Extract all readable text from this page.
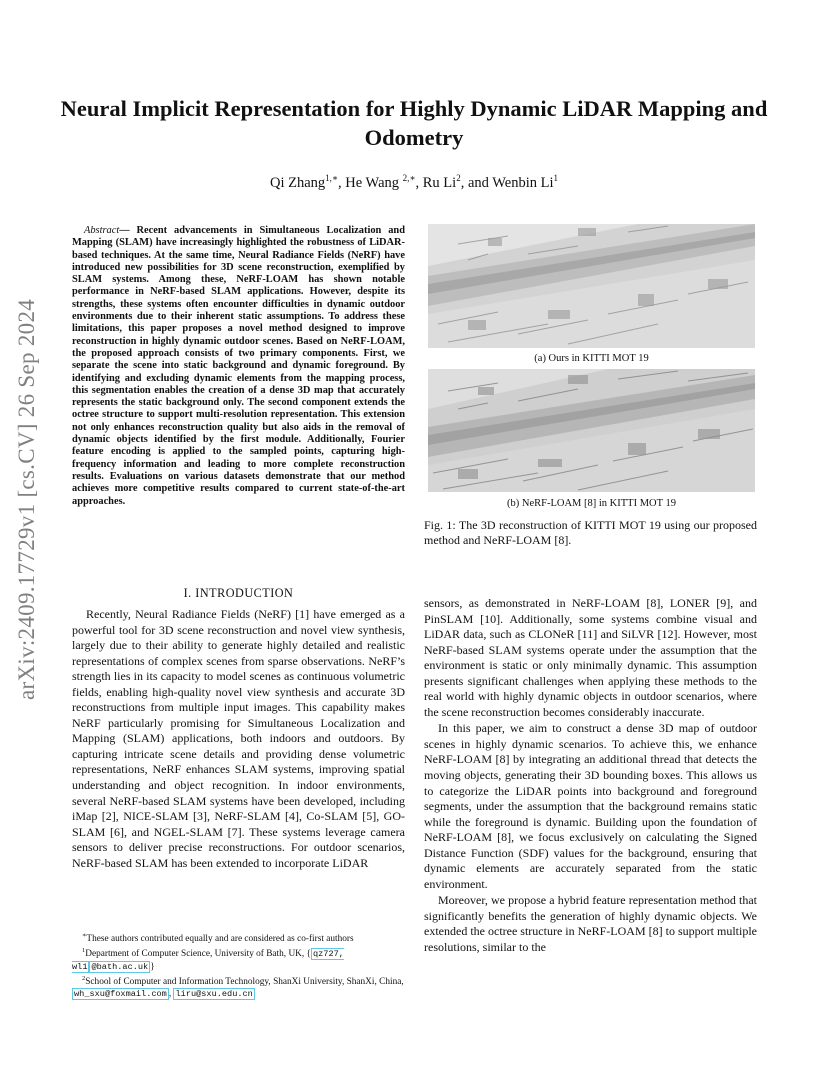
Neural Implicit Representation for Highly Dynamic LiDAR Mapping and Odometry
Qi Zhang$^{1,∗}$, He Wang $^{2,∗}$, Ru Li$^2$, and Wenbin Li$^1$
arXiv:2409.17729v1 [cs.CV] 26 Sep 2024

Abstract— Recent advancements in Simultaneous Localization and Mapping (SLAM) have increasingly highlighted the robustness of LiDAR-based techniques. At the same time, Neural Radiance Fields (NeRF) have introduced new possibilities for 3D scene reconstruction, exemplified by SLAM systems. Among these, NeRF-LOAM has shown notable performance in NeRF-based SLAM applications. However, despite its strengths, these systems often encounter difficulties in dynamic outdoor environments due to their inherent static assumptions. To address these limitations, this paper proposes a novel method designed to improve reconstruction in highly dynamic outdoor scenes. Based on NeRF-LOAM, the proposed approach consists of two primary components. First, we separate the scene into static background and dynamic foreground. By identifying and excluding dynamic elements from the mapping process, this segmentation enables the creation of a dense 3D map that accurately represents the static background only. The second component extends the octree structure to support multi-resolution representation. This extension not only enhances reconstruction quality but also aids in the removal of dynamic objects identified by the first module. Additionally, Fourier feature encoding is applied to the sampled points, capturing high-frequency information and leading to more complete reconstruction results. Evaluations on various datasets demonstrate that our method achieves more competitive results compared to current state-of-the-art approaches.

(a) Ours in KITTI MOT 19
(b) NeRF-LOAM [8] in KITTI MOT 19

Fig. 1: The 3D reconstruction of KITTI MOT 19 using our proposed method and NeRF-LOAM [8].

I. INTRODUCTION

Recently, Neural Radiance Fields (NeRF) [1] have emerged as a powerful tool for 3D scene reconstruction and novel view synthesis, largely due to their ability to generate highly detailed and realistic representations of complex scenes from sparse observations. NeRF’s strength lies in its capacity to model scenes as continuous volumetric fields, enabling high-quality novel view synthesis and accurate 3D reconstructions from multiple input images. This capability makes NeRF particularly promising for Simultaneous Localization and Mapping (SLAM) applications, both indoors and outdoors. By capturing intricate scene details and providing dense volumetric representations, NeRF enhances SLAM systems, improving spatial understanding and object recognition. In indoor environments, several NeRF-based SLAM systems have been developed, including iMap [2], NICE-SLAM [3], NeRF-SLAM [4], Co-SLAM [5], GO-SLAM [6], and NGEL-SLAM [7]. These systems leverage camera sensors to deliver precise reconstructions. For outdoor scenarios, NeRF-based SLAM has been extended to incorporate LiDAR

∗These authors contributed equally and are considered as co-first authors

$^1$Department of Computer Science, University of Bath, UK, { qz727, wl1 @bath.ac.uk }

$^2$School of Computer and Information Technology, ShanXi University, ShanXi, China, wh_sxu@foxmail.com , liru@sxu.edu.cn

sensors, as demonstrated in NeRF-LOAM [8], LONER [9], and PinSLAM [10]. Additionally, some systems combine visual and LiDAR data, such as CLONeR [11] and SiLVR [12]. However, most NeRF-based SLAM systems operate under the assumption that the environment is static or only minimally dynamic. This assumption presents significant challenges when applying these methods to the real world with highly dynamic objects in outdoor scenarios, where the scene reconstruction becomes considerably inaccurate.

In this paper, we aim to construct a dense 3D map of outdoor scenes in highly dynamic scenarios. To achieve this, we enhance NeRF-LOAM [8] by integrating an additional thread that detects the moving objects, generating their 3D bounding boxes. This allows us to categorize the LiDAR points into background and foreground segments, under the assumption that the background remains static while the foreground is dynamic. Building upon the foundation of NeRF-LOAM [8], we focus exclusively on calculating the Signed Distance Function (SDF) values for the background, ensuring that dynamic elements are accurately separated from the static environment.

Moreover, we propose a hybrid feature representation method that significantly benefits the generation of highly dynamic objects. We extended the octree structure in NeRF-LOAM [8] to support multiple resolutions, similar to the
